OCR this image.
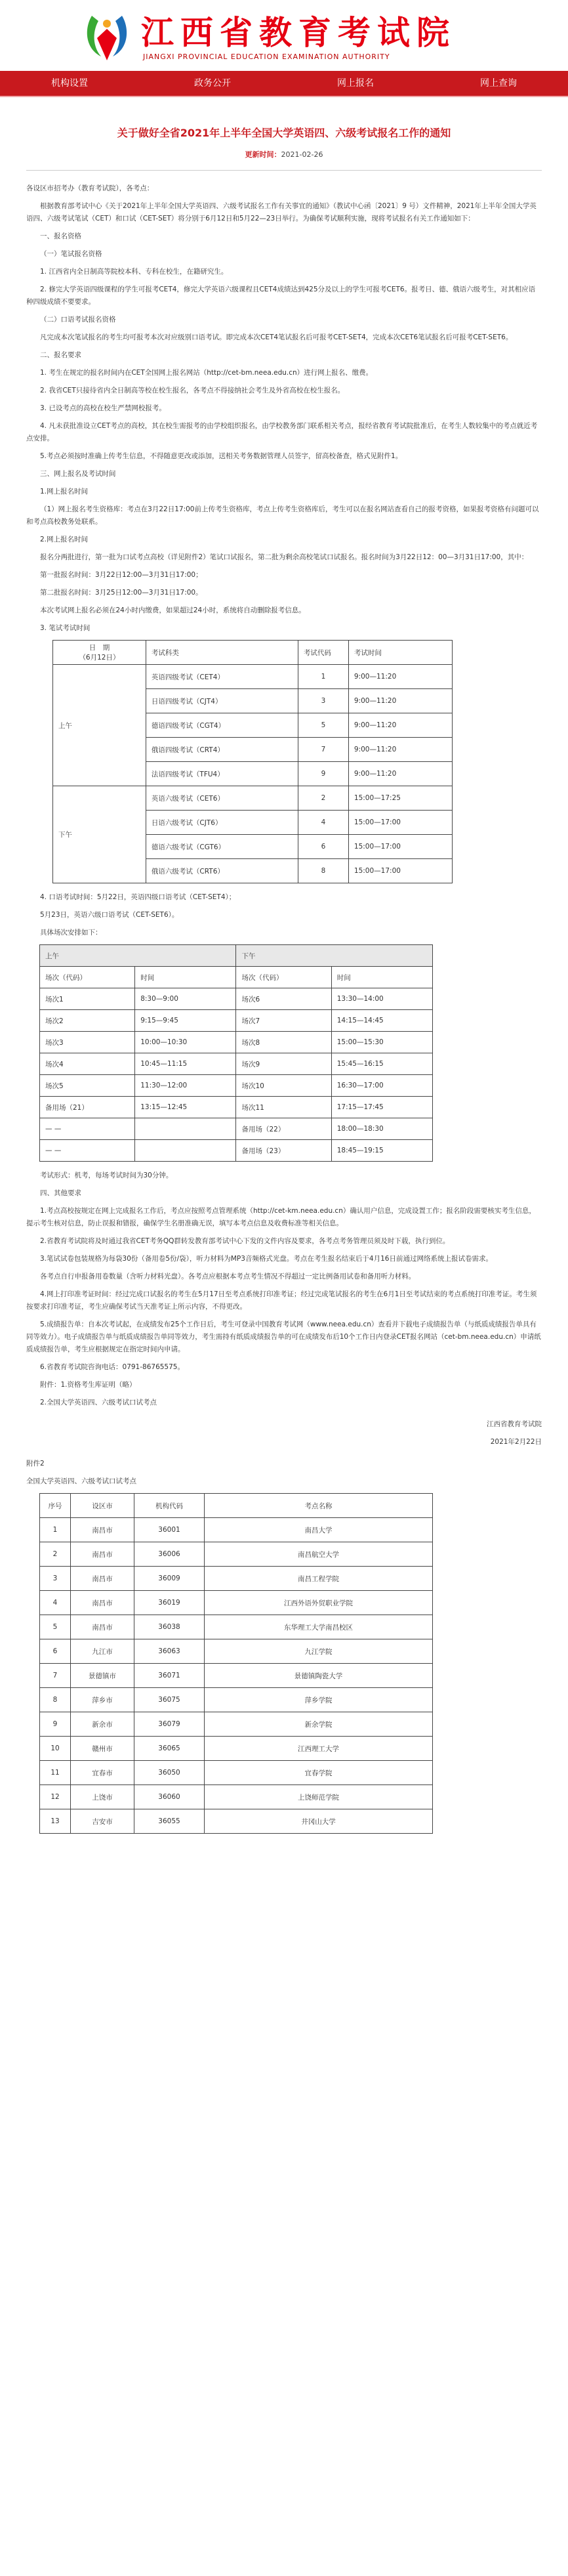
江西省教育考试院
JIANGXI PROVINCIAL EDUCATION EXAMINATION AUTHORITY
机构设置	政务公开	网上报名	网上查询
关于做好全省2021年上半年全国大学英语四、六级考试报名工作的通知
更新时间：2021-02-26

各设区市招考办（教育考试院），各考点：

根据教育部考试中心《关于2021年上半年全国大学英语四、六级考试报名工作有关事宜的通知》（教试中心函〔2021〕9 号）文件精神，2021年上半年全国大学英语四、六级考试笔试（CET）和口试（CET-SET）将分别于6月12日和5月22—23日举行。为确保考试顺利实施，现将考试报名有关工作通知如下：

一、报名资格

（一）笔试报名资格

1. 江西省内全日制高等院校本科、专科在校生，在籍研究生。

2. 修完大学英语四级课程的学生可报考CET4，修完大学英语六级课程且CET4成绩达到425分及以上的学生可报考CET6。报考日、德、俄语六级考生，对其相应语种四级成绩不要要求。

（二）口语考试报名资格

凡完成本次笔试报名的考生均可报考本次对应级别口语考试。即完成本次CET4笔试报名后可报考CET-SET4，完成本次CET6笔试报名后可报考CET-SET6。

二、报名要求

1. 考生在规定的报名时间内在CET全国网上报名网站（http://cet-bm.neea.edu.cn）进行网上报名、缴费。

2. 我省CET只接待省内全日制高等校在校生报名，各考点不得接纳社会考生及外省高校在校生报名。

3. 已设考点的高校在校生严禁网校报考。

4. 凡未获批准设立CET考点的高校，其在校生需报考的由学校组织报名，由学校教务部门联系相关考点，报经省教育考试院批准后，在考生人数较集中的考点就近考点安排。

5.考点必须按时准确上传考生信息，不得随意更改或添加，送相关考务数据管理人员签字，留高校备查，格式见附件1。

三、网上报名及考试时间

1.网上报名时间

（1）网上报名考生资格库：考点在3月22日17:00前上传考生资格库，考点上传考生资格库后，考生可以在报名网站查看自己的报考资格，如果报考资格有问题可以和考点高校教务处联系。

2.网上报名时间

报名分两批进行，第一批为口试考点高校（详见附件2）笔试口试报名，第二批为剩余高校笔试口试报名。报名时间为3月22日12：00—3月31日17:00，其中：

第一批报名时间：3月22日12:00—3月31日17:00；

第二批报名时间：3月25日12:00—3月31日17:00。

本次考试网上报名必须在24小时内缴费，如果超过24小时，系统将自动删除报考信息。

3. 笔试考试时间

日　期
（6月12日）	考试科类	考试代码	考试时间
上午	英语四级考试（CET4）	1	9:00—11:20
	日语四级考试（CJT4）	3	9:00—11:20
	德语四级考试（CGT4）	5	9:00—11:20
	俄语四级考试（CRT4）	7	9:00—11:20
	法语四级考试（TFU4）	9	9:00—11:20
下午	英语六级考试（CET6）	2	15:00—17:25
	日语六级考试（CJT6）	4	15:00—17:00
	德语六级考试（CGT6）	6	15:00—17:00
	俄语六级考试（CRT6）	8	15:00—17:00

4. 口语考试时间：5月22日，英语四级口语考试（CET-SET4）；

5月23日，英语六级口语考试（CET-SET6）。

具体场次安排如下：

上午		下午	
场次（代码）	时间	场次（代码）	时间
场次1	8:30—9:00	场次6	13:30—14:00
场次2	9:15—9:45	场次7	14:15—14:45
场次3	10:00—10:30	场次8	15:00—15:30
场次4	10:45—11:15	场次9	15:45—16:15
场次5	11:30—12:00	场次10	16:30—17:00
备用场（21）	13:15—12:45	场次11	17:15—17:45
— —		备用场（22）	18:00—18:30
— —		备用场（23）	18:45—19:15

考试形式：机考，每场考试时间为30分钟。

四、其他要求

1.考点高校按规定在网上完成报名工作后，考点应按照考点管理系统（http://cet-km.neea.edu.cn）确认用户信息，完成设置工作；报名阶段需要核实考生信息，提示考生核对信息，防止误报和错报，确保学生名册准确无误，填写本考点信息及收费标准等相关信息。

2.省教育考试院将及时通过我省CET考务QQ群转发教育部考试中心下发的文件内容及要求，各考点考务管理员须及时下载，执行到位。

3.笔试试卷包装规格为每袋30份（备用卷5份/袋），听力材料为MP3音频格式光盘。考点在考生报名结束后于4月16日前通过网络系统上报试卷需求。

各考点自行申报备用卷数量（含听力材料光盘）。各考点应根据本考点考生情况不得超过一定比例备用试卷和备用听力材料。

4.网上打印准考证时间：经过完成口试报名的考生在5月17日至考点系统打印准考证；经过完成笔试报名的考生在6月1日至考试结束的考点系统打印准考证。考生须按要求打印准考证，考生应确保考试当天准考证上所示内容，不得更改。

5.成绩报告单：自本次考试起，在成绩发布25个工作日后，考生可登录中国教育考试网（www.neea.edu.cn）查看并下载电子成绩报告单（与纸质成绩报告单具有同等效力）。电子成绩报告单与纸质成绩报告单同等效力，考生需持有纸质成绩报告单的可在成绩发布后10个工作日内登录CET报名网站（cet-bm.neea.edu.cn）申请纸质成绩报告单，考生应根据规定在指定时间内申请。

6.省教育考试院咨询电话：0791-86765575。

附件：1.资格考生库证明（略）

2.全国大学英语四、六级考试口试考点

江西省教育考试院

2021年2月22日

附件2

全国大学英语四、六级考试口试考点

序号	设区市	机构代码	考点名称
1	南昌市	36001	南昌大学
2	南昌市	36006	南昌航空大学
3	南昌市	36009	南昌工程学院
4	南昌市	36019	江西外语外贸职业学院
5	南昌市	36038	东华理工大学南昌校区
6	九江市	36063	九江学院
7	景德镇市	36071	景德镇陶瓷大学
8	萍乡市	36075	萍乡学院
9	新余市	36079	新余学院
10	赣州市	36065	江西理工大学
11	宜春市	36050	宜春学院
12	上饶市	36060	上饶师范学院
13	吉安市	36055	井冈山大学
